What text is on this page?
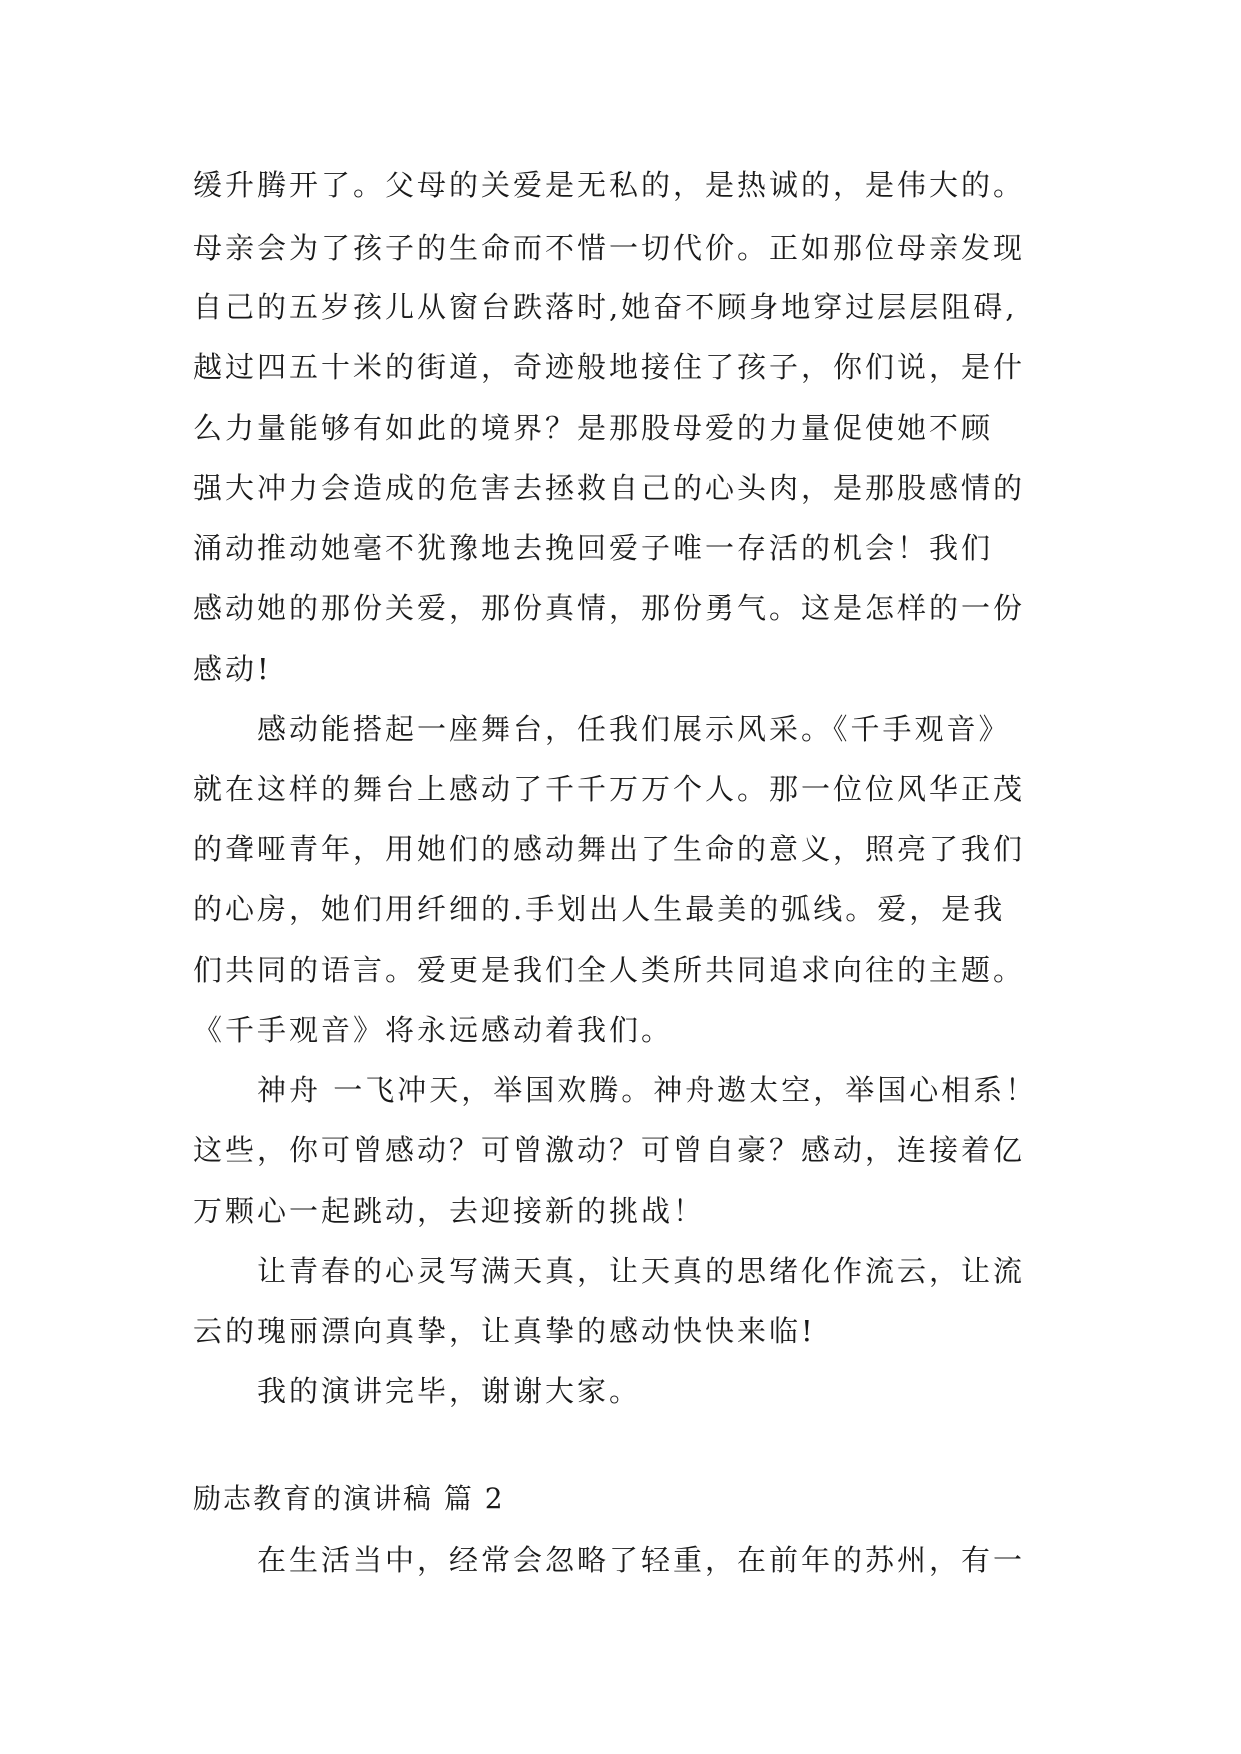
缓升腾开了。父母的关爱是无私的，是热诚的，是伟大的。
母亲会为了孩子的生命而不惜一切代价。正如那位母亲发现
自己的五岁孩儿从窗台跌落时,她奋不顾身地穿过层层阻碍,
越过四五十米的街道，奇迹般地接住了孩子，你们说，是什
么力量能够有如此的境界？是那股母爱的力量促使她不顾
强大冲力会造成的危害去拯救自己的心头肉，是那股感情的
涌动推动她毫不犹豫地去挽回爱子唯一存活的机会！我们
感动她的那份关爱，那份真情，那份勇气。这是怎样的一份
感动!
感动能搭起一座舞台，任我们展示风采。《千手观音》
就在这样的舞台上感动了千千万万个人。那一位位风华正茂
的聋哑青年，用她们的感动舞出了生命的意义，照亮了我们
的心房，她们用纤细的.手划出人生最美的弧线。爱，是我
们共同的语言。爱更是我们全人类所共同追求向往的主题。
《千手观音》将永远感动着我们。
神舟 一飞冲天，举国欢腾。神舟遨太空，举国心相系！
这些，你可曾感动？可曾激动？可曾自豪？感动，连接着亿
万颗心一起跳动，去迎接新的挑战！
让青春的心灵写满天真，让天真的思绪化作流云，让流
云的瑰丽漂向真挚，让真挚的感动快快来临!
我的演讲完毕，谢谢大家。
励志教育的演讲稿 篇 2
在生活当中，经常会忽略了轻重，在前年的苏州，有一
